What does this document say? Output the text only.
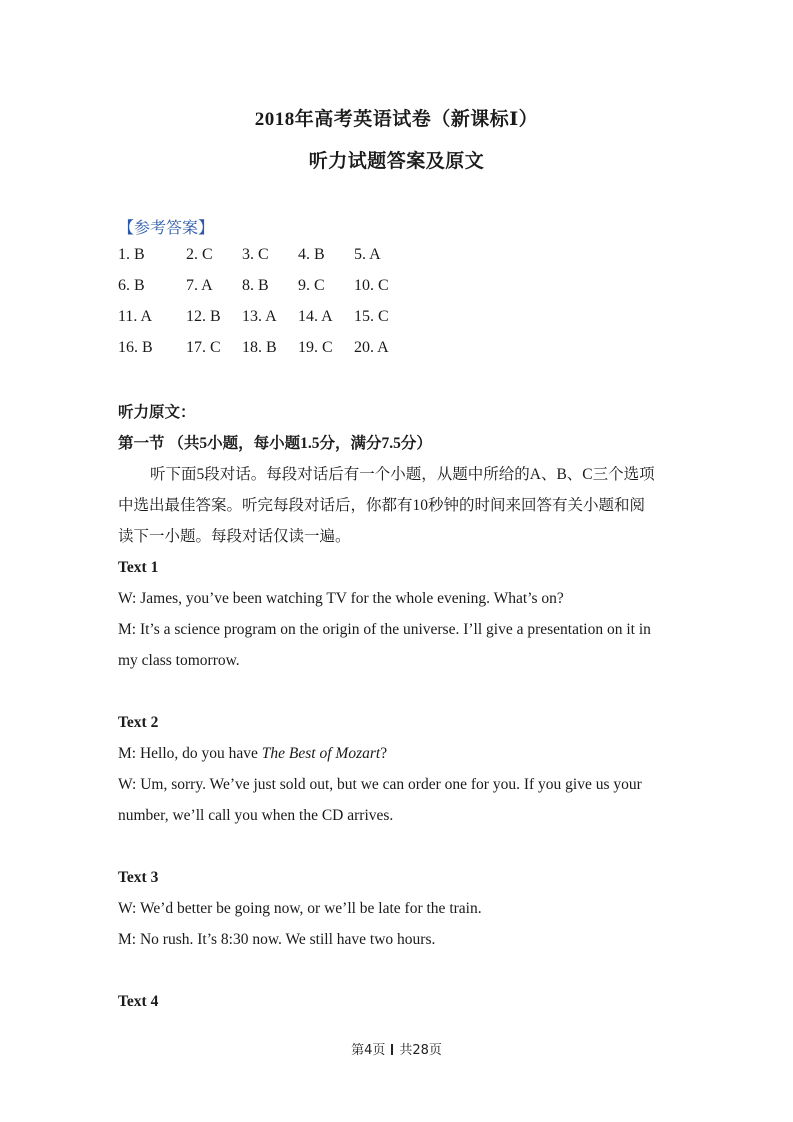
2018年高考英语试卷（新课标Ⅰ）
听力试题答案及原文
【参考答案】
1. B	2. C 3. C 4. B 5. A
6. B	7. A 8. B 9. C 10. C
11. A 12. B 13. A 14. A 15. C
16. B 17. C 18. B 19. C 20. A
听力原文：
第一节 （共5小题，每小题1.5分，满分7.5分）
听下面5段对话。每段对话后有一个小题，从题中所给的A、B、C三个选项
中选出最佳答案。听完每段对话后，你都有10秒钟的时间来回答有关小题和阅
读下一小题。每段对话仅读一遍。
Text 1
W: James, you’ve been watching TV for the whole evening. What’s on?
M: It’s a science program on the origin of the universe. I’ll give a presentation on it in
my class tomorrow.
Text 2
M: Hello, do you have The Best of Mozart?
W: Um, sorry. We’ve just sold out, but we can order one for you. If you give us your
number, we’ll call you when the CD arrives.
Text 3
W: We’d better be going now, or we’ll be late for the train.
M: No rush. It’s 8:30 now. We still have two hours.
Text 4
第4页 共28页
